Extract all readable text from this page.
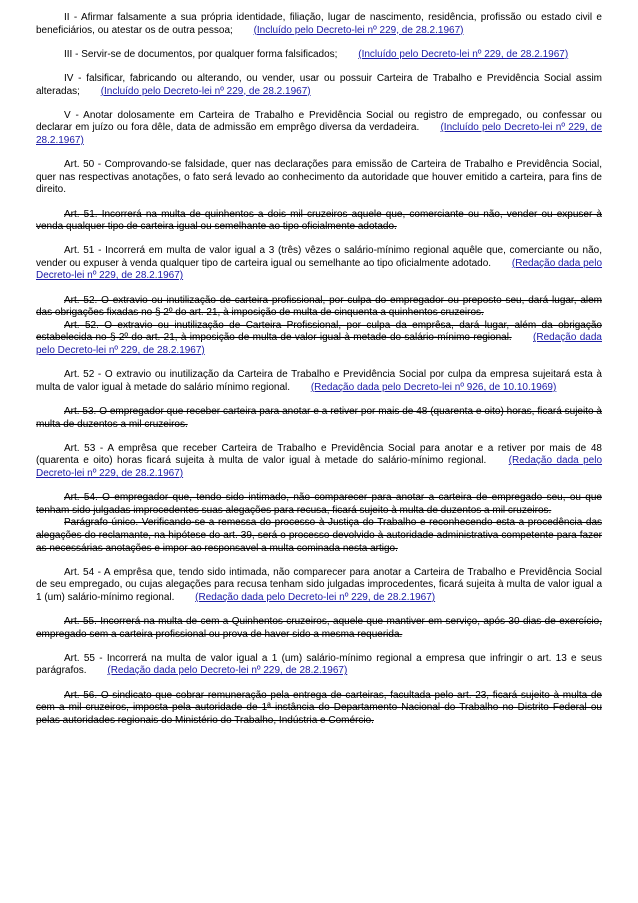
II - Afirmar falsamente a sua própria identidade, filiação, lugar de nascimento, residência, profissão ou estado civil e beneficiários, ou atestar os de outra pessoa; (Incluído pelo Decreto-lei nº 229, de 28.2.1967)

III - Servir-se de documentos, por qualquer forma falsificados; (Incluído pelo Decreto-lei nº 229, de 28.2.1967)

IV - falsificar, fabricando ou alterando, ou vender, usar ou possuir Carteira de Trabalho e Previdência Social assim alteradas; (Incluído pelo Decreto-lei nº 229, de 28.2.1967)

V - Anotar dolosamente em Carteira de Trabalho e Previdência Social ou registro de empregado, ou confessar ou declarar em juízo ou fora dêle, data de admissão em emprêgo diversa da verdadeira. (Incluído pelo Decreto-lei nº 229, de 28.2.1967)

Art. 50 - Comprovando-se falsidade, quer nas declarações para emissão de Carteira de Trabalho e Previdência Social, quer nas respectivas anotações, o fato será levado ao conhecimento da autoridade que houver emitido a carteira, para fins de direito.

Art. 51. Incorrerá na multa de quinhentos a dois mil cruzeiros aquele que, comerciante ou não, vender ou expuser à venda qualquer tipo de carteira igual ou semelhante ao tipo oficialmente adotado.

Art. 51 - Incorrerá em multa de valor igual a 3 (três) vêzes o salário-mínimo regional aquêle que, comerciante ou não, vender ou expuser à venda qualquer tipo de carteira igual ou semelhante ao tipo oficialmente adotado. (Redação dada pelo Decreto-lei nº 229, de 28.2.1967)

Art. 52. O extravio ou inutilização de carteira profissional, por culpa do empregador ou preposto seu, dará lugar, alem das obrigações fixadas no § 2º do art. 21, à imposição de multa de cinquenta a quinhentos cruzeiros.

Art. 52. O extravio ou inutilização de Carteira Profissional, por culpa da emprêsa, dará lugar, além da obrigação estabelecida no § 2º do art. 21, à imposição de multa de valor igual à metade do salário-mínimo regional. (Redação dada pelo Decreto-lei nº 229, de 28.2.1967)

Art. 52 - O extravio ou inutilização da Carteira de Trabalho e Previdência Social por culpa da empresa sujeitará esta à multa de valor igual à metade do salário mínimo regional. (Redação dada pelo Decreto-lei nº 926, de 10.10.1969)

Art. 53. O empregador que receber carteira para anotar e a retiver por mais de 48 (quarenta e oito) horas, ficará sujeito à multa de duzentos a mil cruzeiros.

Art. 53 - A emprêsa que receber Carteira de Trabalho e Previdência Social para anotar e a retiver por mais de 48 (quarenta e oito) horas ficará sujeita à multa de valor igual à metade do salário-mínimo regional. (Redação dada pelo Decreto-lei nº 229, de 28.2.1967)

Art. 54. O empregador que, tendo sido intimado, não comparecer para anotar a carteira de empregado seu, ou que tenham sido julgadas improcedentes suas alegações para recusa, ficará sujeito à multa de duzentos a mil cruzeiros.

Parágrafo único. Verificando-se a remessa do processo à Justiça do Trabalho e reconhecendo esta a procedência das alegações do reclamante, na hipótese do art. 39, será o processo devolvido à autoridade administrativa competente para fazer as necessárias anotações e impor ao responsavel a multa cominada nesta artigo.

Art. 54 - A emprêsa que, tendo sido intimada, não comparecer para anotar a Carteira de Trabalho e Previdência Social de seu empregado, ou cujas alegações para recusa tenham sido julgadas improcedentes, ficará sujeita à multa de valor igual a 1 (um) salário-mínimo regional. (Redação dada pelo Decreto-lei nº 229, de 28.2.1967)

Art. 55. Incorrerá na multa de cem a Quinhentos cruzeiros, aquele que mantiver em serviço, após 30 dias de exercício, empregado sem a carteira profissional ou prova de haver sido a mesma requerida.

Art. 55 - Incorrerá na multa de valor igual a 1 (um) salário-mínimo regional a empresa que infringir o art. 13 e seus parágrafos. (Redação dada pelo Decreto-lei nº 229, de 28.2.1967)

Art. 56. O sindicato que cobrar remuneração pela entrega de carteiras, facultada pelo art. 23, ficará sujeito à multa de cem a mil cruzeiros, imposta pela autoridade de 1ª instância do Departamento Nacional do Trabalho no Distrito Federal ou pelas autoridades regionais do Ministério do Trabalho, Indústria e Comércio.
